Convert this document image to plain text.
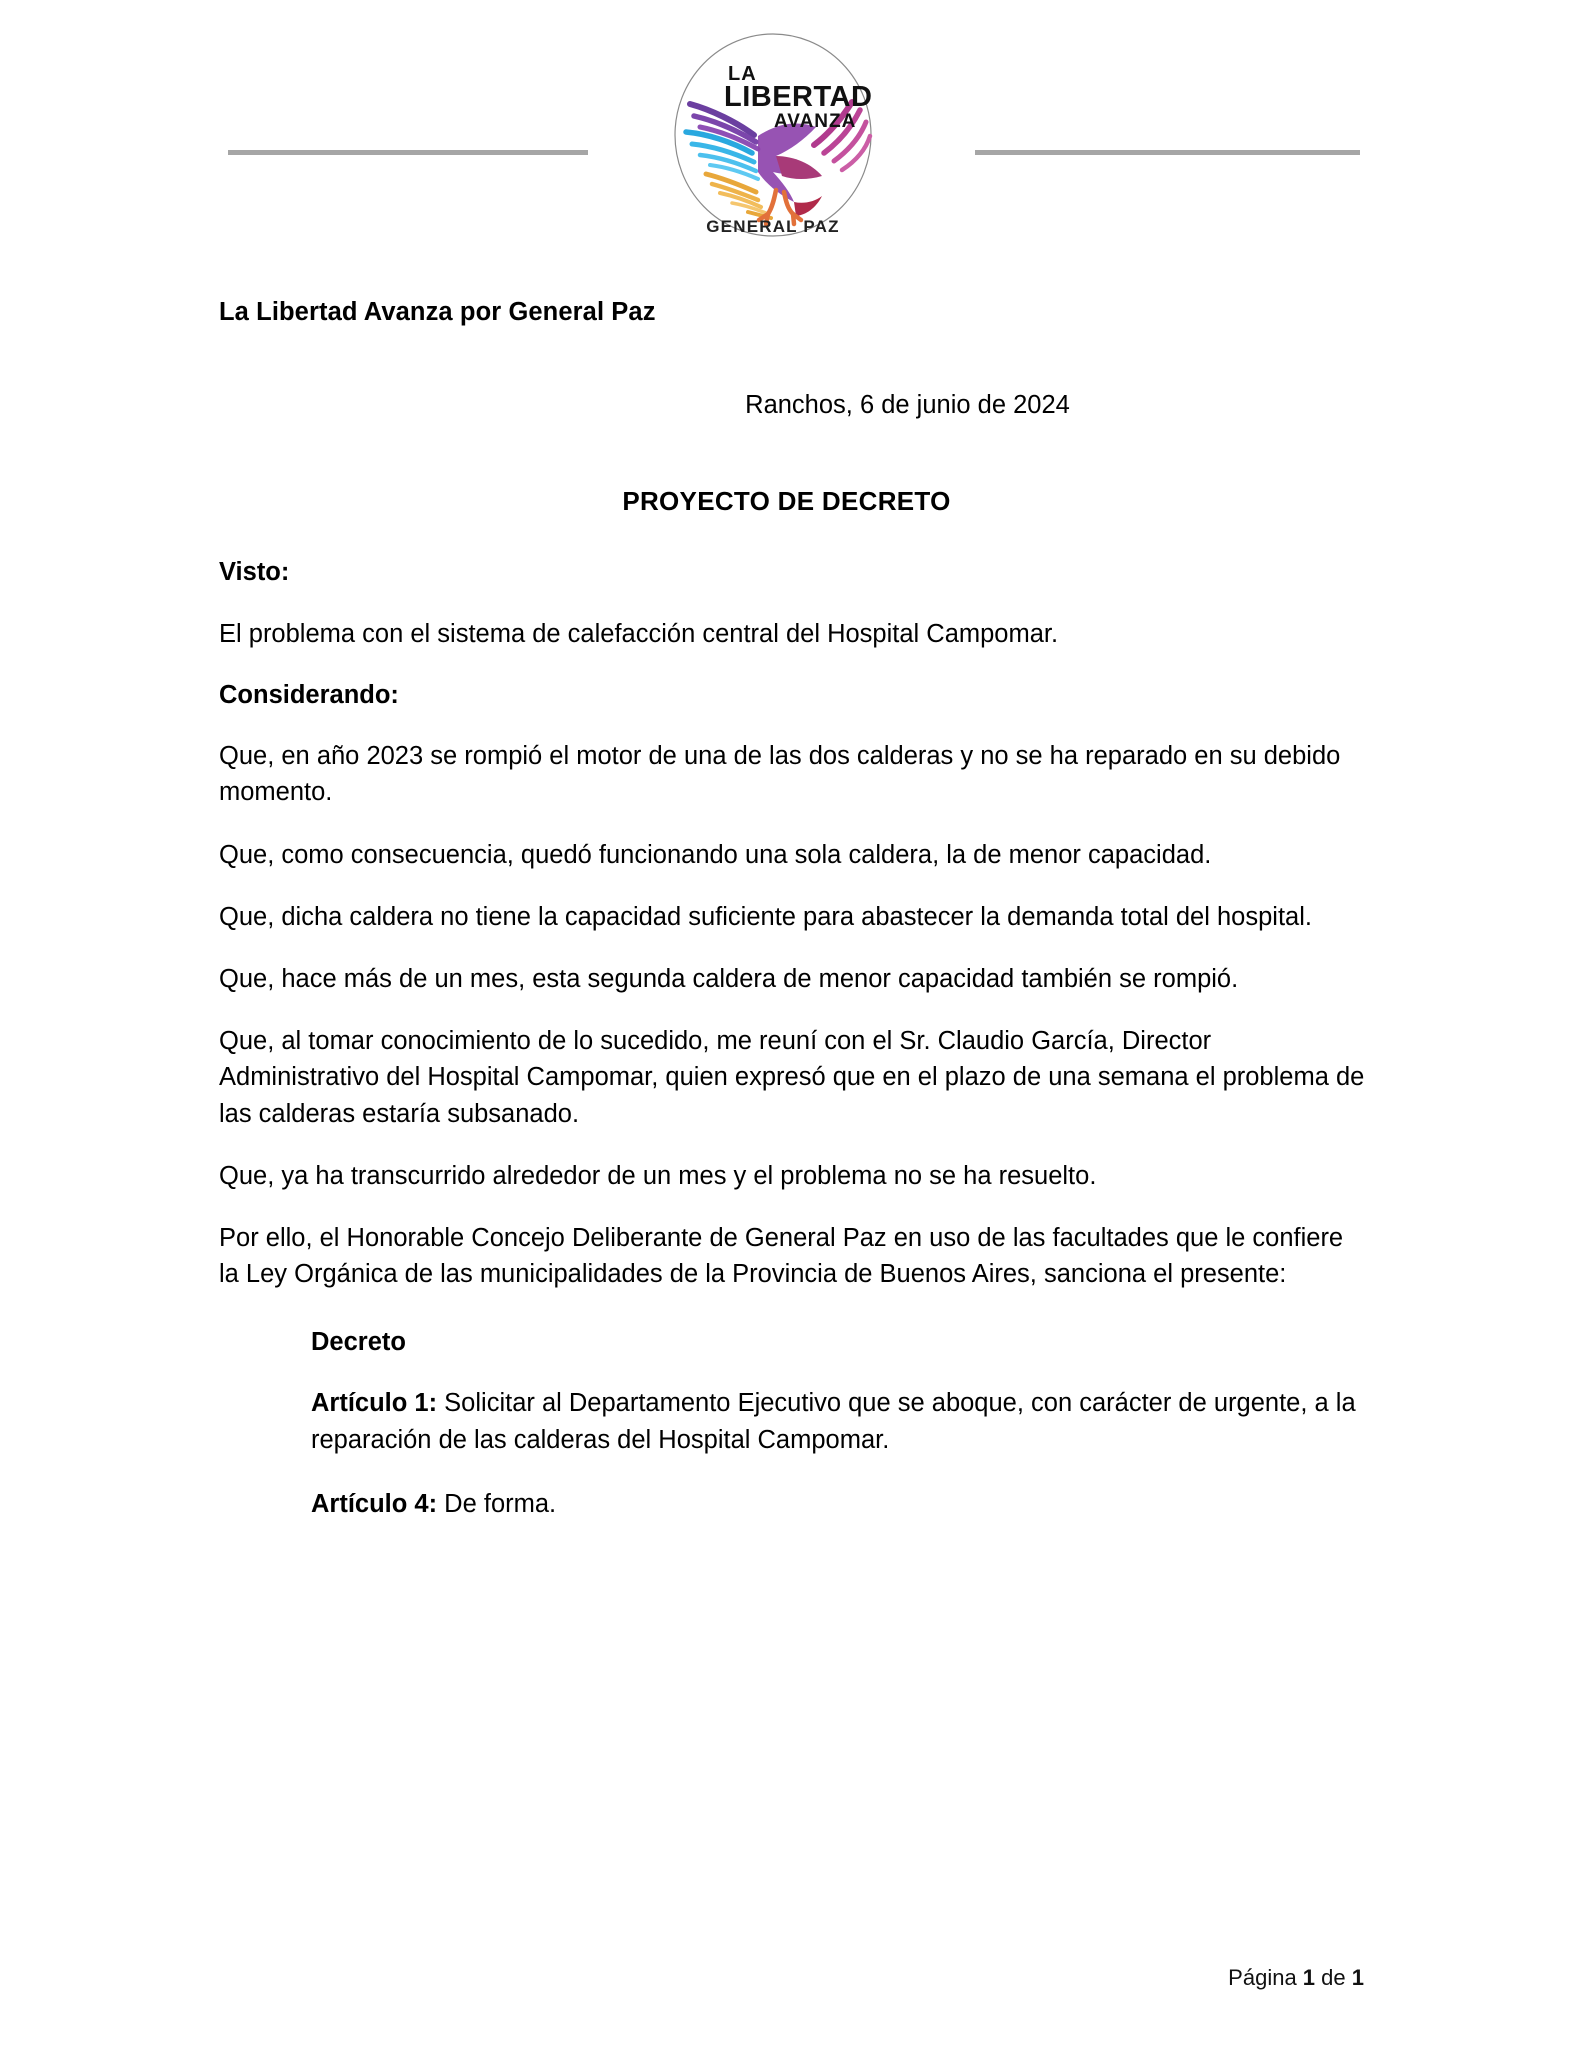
LA
LIBERTAD
AVANZA
GENERAL PAZ
La Libertad Avanza por General Paz
Ranchos, 6 de junio de 2024
PROYECTO DE DECRETO
Visto:

El problema con el sistema de calefacción central del Hospital Campomar.

Considerando:

Que, en año 2023 se rompió el motor de una de las dos calderas y no se ha reparado en su debido momento.

Que, como consecuencia, quedó funcionando una sola caldera, la de menor capacidad.

Que, dicha caldera no tiene la capacidad suficiente para abastecer la demanda total del hospital.

Que, hace más de un mes, esta segunda caldera de menor capacidad también se rompió.

Que, al tomar conocimiento de lo sucedido, me reuní con el Sr. Claudio García, Director Administrativo del Hospital Campomar, quien expresó que en el plazo de una semana el problema de las calderas estaría subsanado.

Que, ya ha transcurrido alrededor de un mes y el problema no se ha resuelto.

Por ello, el Honorable Concejo Deliberante de General Paz en uso de las facultades que le confiere la Ley Orgánica de las municipalidades de la Provincia de Buenos Aires, sanciona el presente:

Decreto

Artículo 1: Solicitar al Departamento Ejecutivo que se aboque, con carácter de urgente, a la reparación de las calderas del Hospital Campomar.

Artículo 4: De forma.

Página 1 de 1
